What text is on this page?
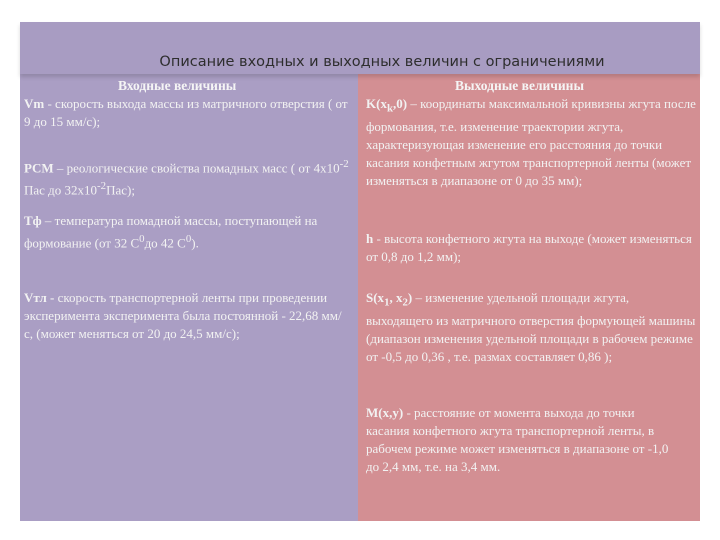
Описание входных и выходных величин с ограничениями
Входные величины

Vm - скорость выхода массы из матричного отверстия ( от 9 до 15 мм/с);

PCM – реологические свойства помадных масс ( от $4х10^{-2}$ Пас до $32х10^{-2}Пас$);

Тф – температура помадной массы, поступающей на формование (от 32 $С^0до$ 42 $С^0$).

Vтл - скорость транспортерной ленты при проведении эксперимента эксперимента была постоянной - 22,68 мм/с, (может меняться от 20 до 24,5 мм/с);

Выходные величины

$K(x_k,0)$ – координаты максимальной кривизны жгута после формования, т.е. изменение траектории жгута, характеризующая изменение его расстояния до точки касания конфетным жгутом транспортерной ленты (может изменяться в диапазоне от 0 до 35 мм);

h - высота конфетного жгута на выходе (может изменяться от 0,8 до 1,2 мм);

$S(x_1$, $x_2$) – изменение удельной площади жгута, выходящего из матричного отверстия формующей машины (диапазон изменения удельной площади в рабочем режиме от -0,5 до 0,36 , т.е. размах составляет 0,86 );

M(x,y) - расстояние от момента выхода до точки касания конфетного жгута транспортерной ленты, в рабочем режиме может изменяться в диапазоне от -1,0 до 2,4 мм, т.е. на 3,4 мм.
